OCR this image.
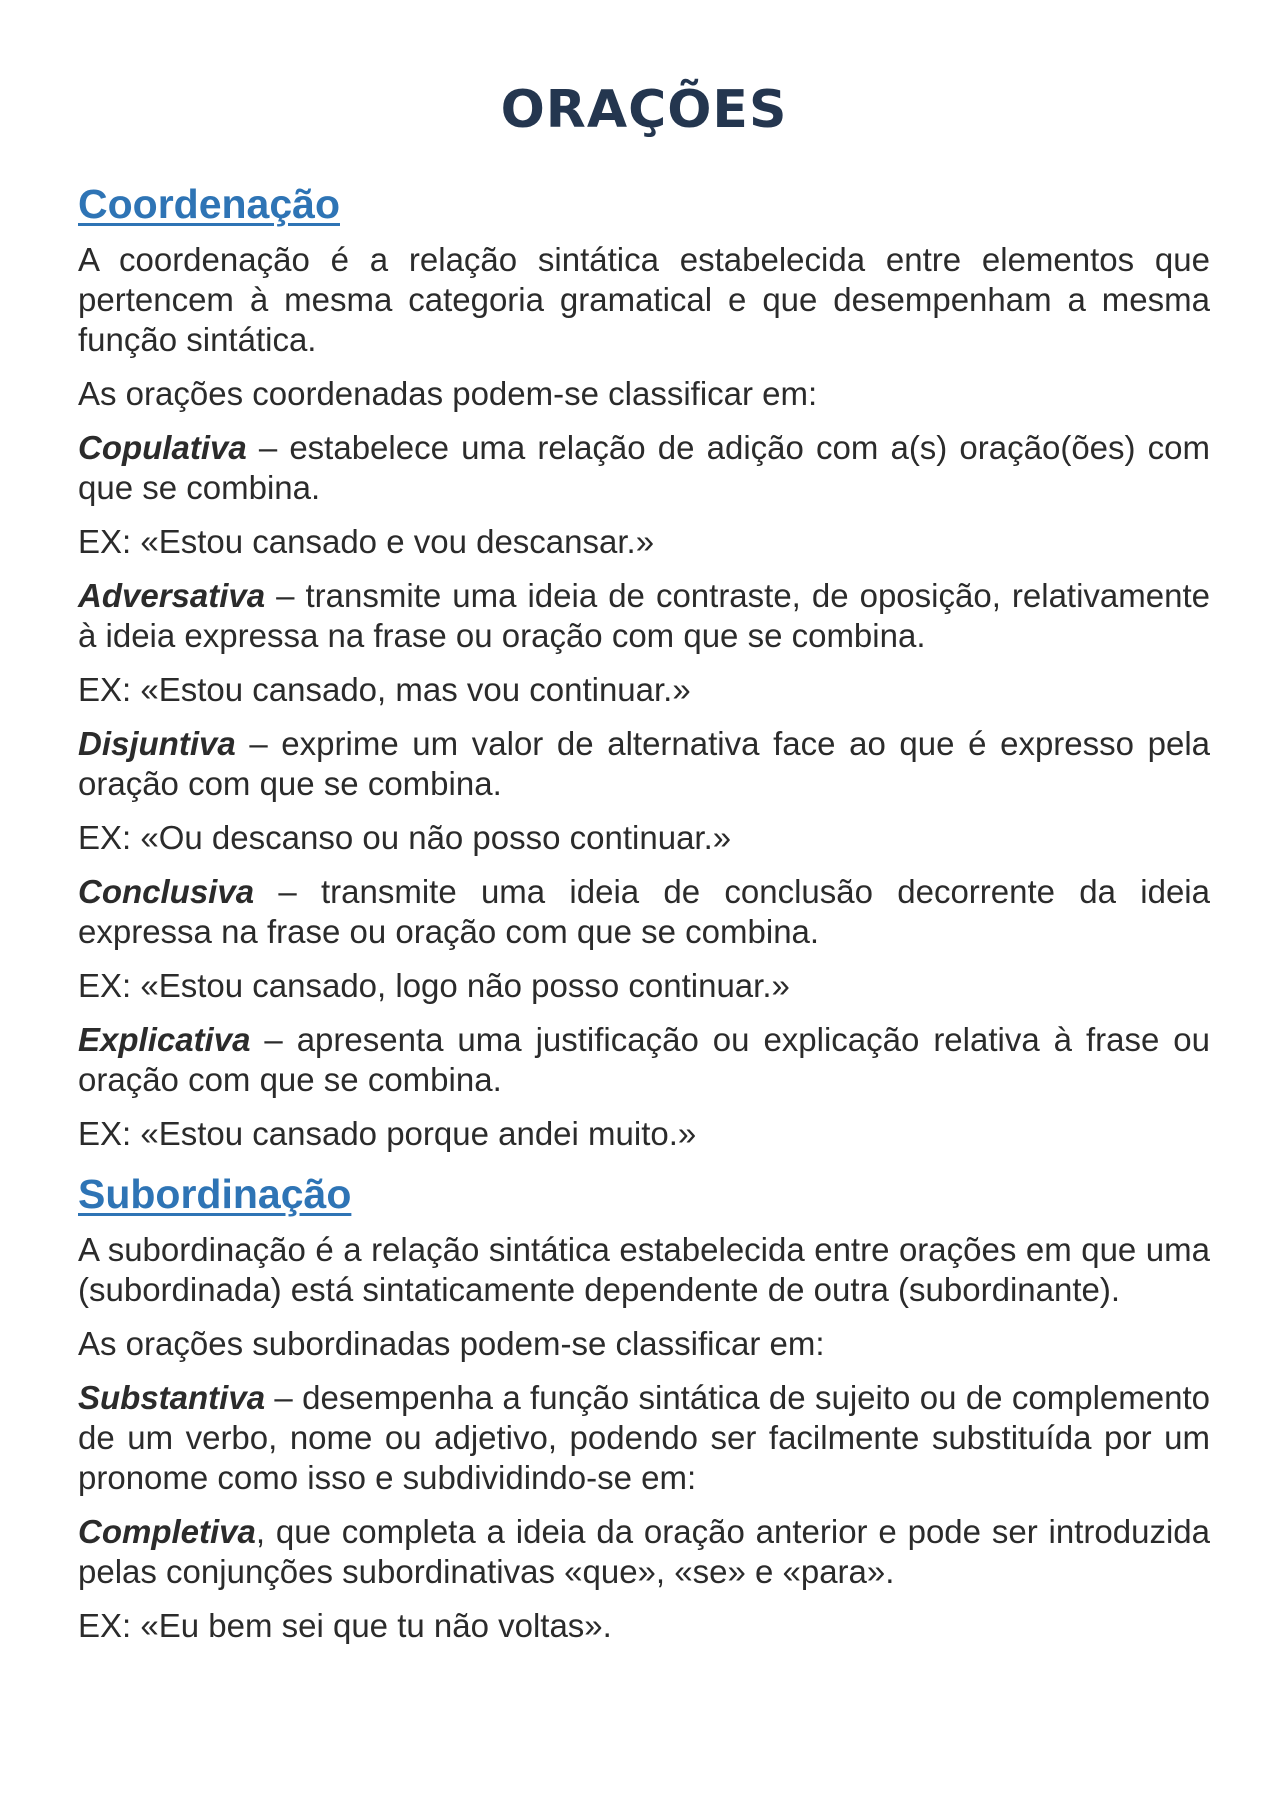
ORAÇÕES
Coordenação

A coordenação é a relação sintática estabelecida entre elementos que pertencem à mesma categoria gramatical e que desempenham a mesma função sintática.

As orações coordenadas podem-se classificar em:

Copulativa – estabelece uma relação de adição com a(s) oração(ões) com que se combina.

EX: «Estou cansado e vou descansar.»

Adversativa – transmite uma ideia de contraste, de oposição, relativamente à ideia expressa na frase ou oração com que se combina.

EX: «Estou cansado, mas vou continuar.»

Disjuntiva – exprime um valor de alternativa face ao que é expresso pela oração com que se combina.

EX: «Ou descanso ou não posso continuar.»

Conclusiva – transmite uma ideia de conclusão decorrente da ideia expressa na frase ou oração com que se combina.

EX: «Estou cansado, logo não posso continuar.»

Explicativa – apresenta uma justificação ou explicação relativa à frase ou oração com que se combina.

EX: «Estou cansado porque andei muito.»

Subordinação

A subordinação é a relação sintática estabelecida entre orações em que uma (subordinada) está sintaticamente dependente de outra (subordinante).

As orações subordinadas podem-se classificar em:

Substantiva – desempenha a função sintática de sujeito ou de complemento de um verbo, nome ou adjetivo, podendo ser facilmente substituída por um pronome como isso e subdividindo-se em:

Completiva, que completa a ideia da oração anterior e pode ser introduzida pelas conjunções subordinativas «que», «se» e «para».

EX: «Eu bem sei que tu não voltas».
